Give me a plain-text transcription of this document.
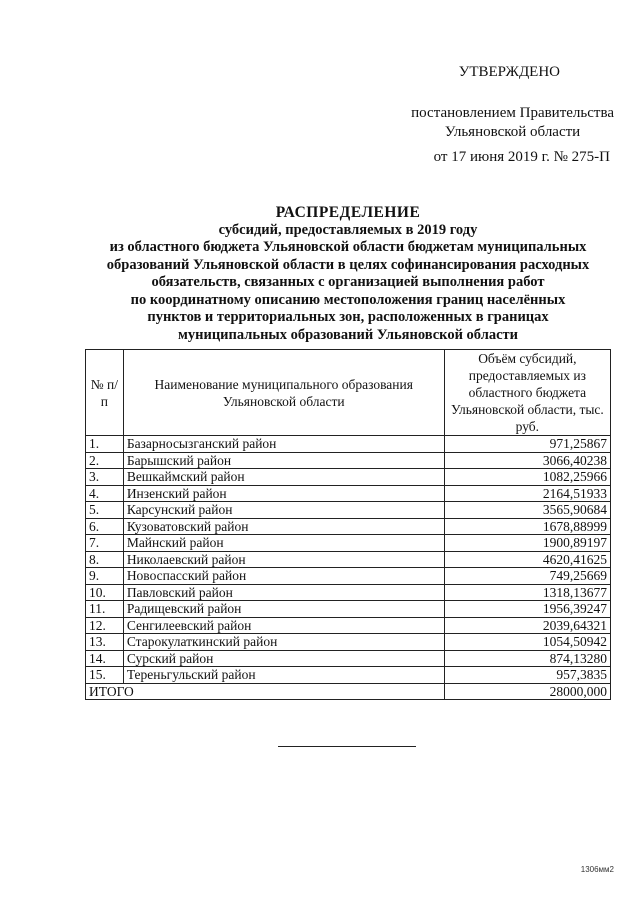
УТВЕРЖДЕНО
постановлением Правительства
Ульяновской области
от 17 июня 2019 г. № 275-П
РАСПРЕДЕЛЕНИЕ
субсидий, предоставляемых в 2019 году
из областного бюджета Ульяновской области бюджетам муниципальных
образований Ульяновской области в целях софинансирования расходных
обязательств, связанных с организацией выполнения работ
по координатному описанию местоположения границ населённых
пунктов и территориальных зон, расположенных в границах
муниципальных образований Ульяновской области
№ п/п	Наименование муниципального образования Ульяновской области	Объём субсидий, предоставляемых из областного бюджета Ульяновской области, тыс. руб.
1.	Базарносызганский район	971,25867
2.	Барышский район	3066,40238
3.	Вешкаймский район	1082,25966
4.	Инзенский район	2164,51933
5.	Карсунский район	3565,90684
6.	Кузоватовский район	1678,88999
7.	Майнский район	1900,89197
8.	Николаевский район	4620,41625
9.	Новоспасский район	749,25669
10.	Павловский район	1318,13677
11.	Радищевский район	1956,39247
12.	Сенгилеевский район	2039,64321
13.	Старокулаткинский район	1054,50942
14.	Сурский район	874,13280
15.	Тереньгульский район	957,3835
ИТОГО		28000,000
1306мм2
